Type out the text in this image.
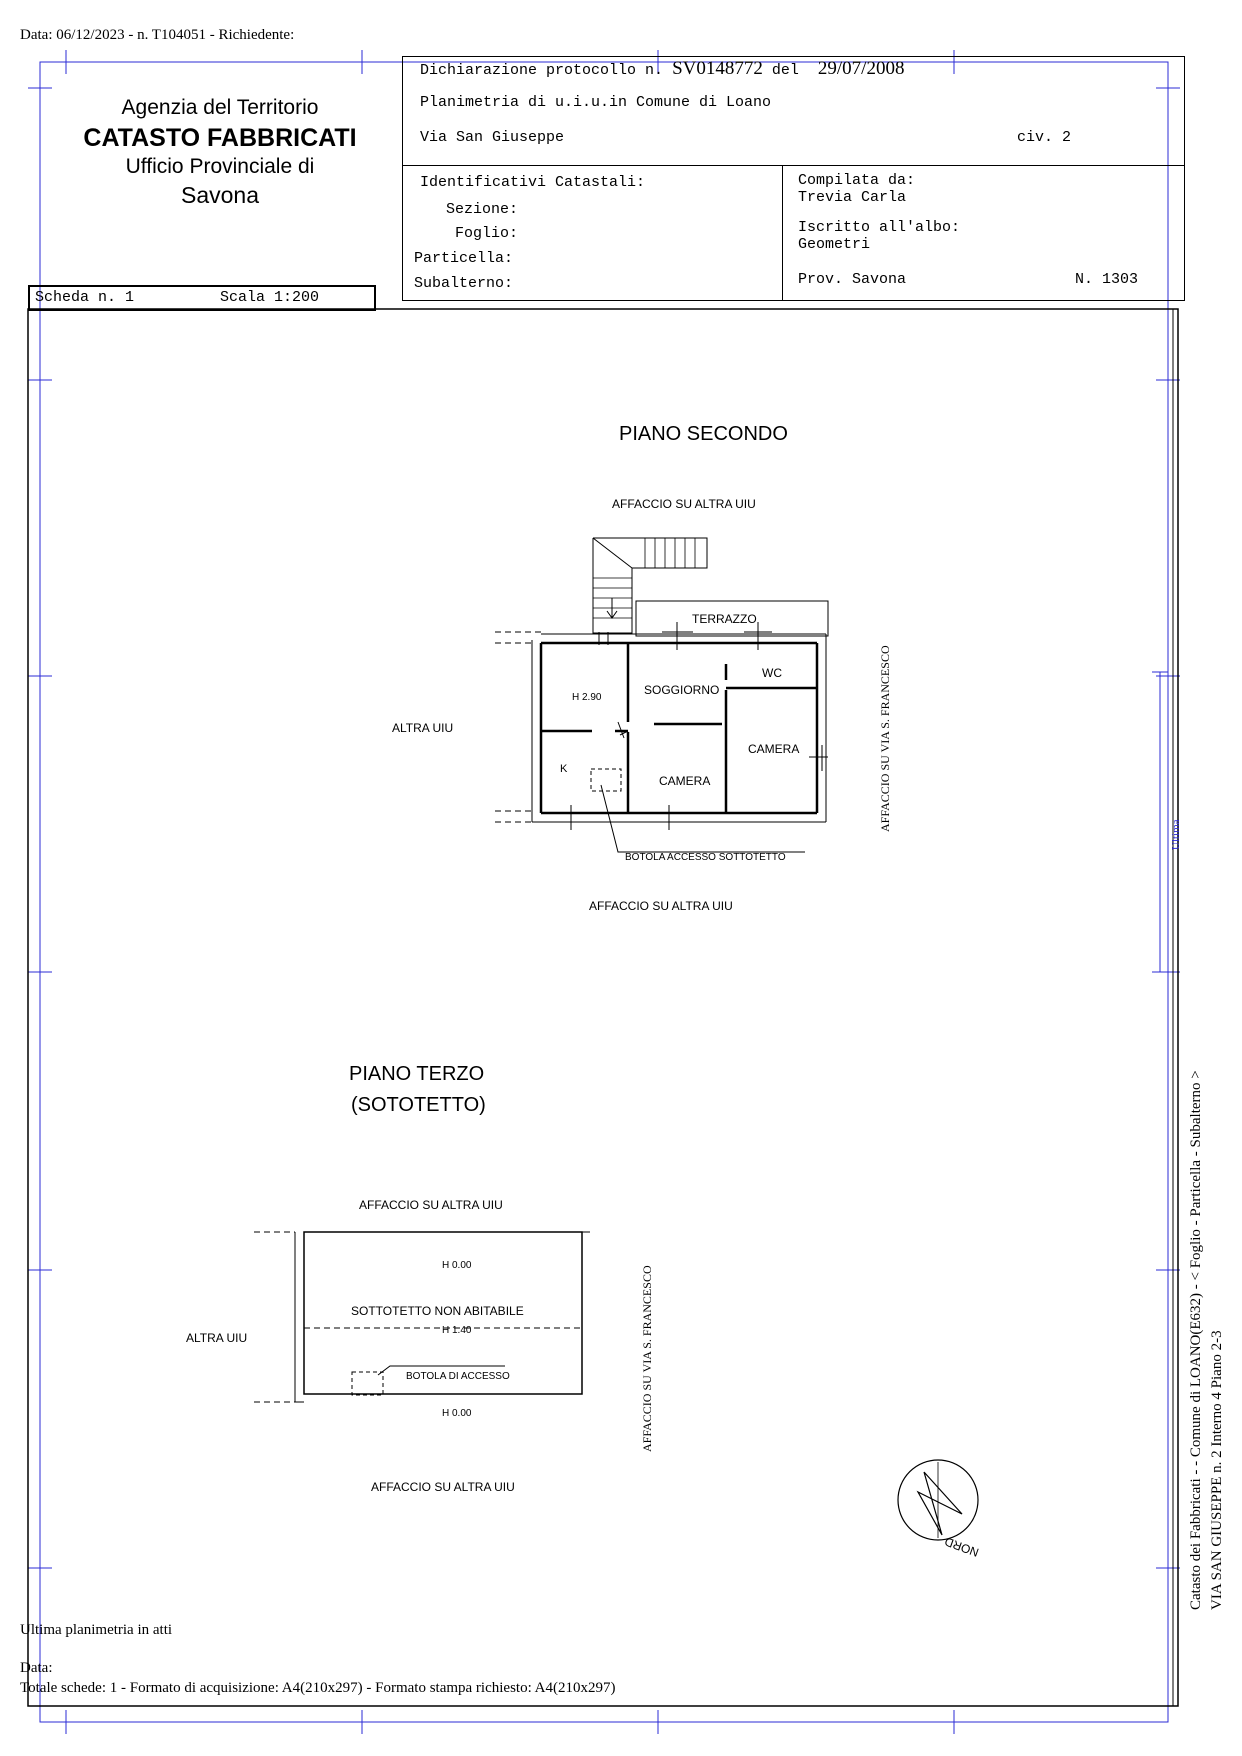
Data: 06/12/2023 - n. T104051 - Richiedente:
Agenzia del Territorio
CATASTO FABBRICATI
Ufficio Provinciale di
Savona
Dichiarazione protocollo n. SV0148772 del 29/07/2008
Planimetria di u.i.u.in Comune di Loano
Via San Giuseppe	civ. 2
Identificativi Catastali:
Sezione:
Foglio:
Particella:
Subalterno:
Compilata da:
Trevia Carla
Iscritto all'albo:
Geometri
Prov. Savona	N. 1303
Scheda n. 1	Scala 1:200
PIANO SECONDO
AFFACCIO SU ALTRA UIU
TERRAZZO
WC
SOGGIORNO
H 2.90
ALTRA UIU
CAMERA
K
CAMERA
BOTOLA ACCESSO SOTTOTETTO
AFFACCIO SU ALTRA UIU
AFFACCIO SU VIA S. FRANCESCO
PIANO TERZO
(SOTOTETTO)
AFFACCIO SU ALTRA UIU
H 0.00
SOTTOTETTO NON ABITABILE
ALTRA UIU
H 1.40
BOTOLA DI ACCESSO
H 0.00
AFFACCIO SU ALTRA UIU
AFFACCIO SU VIA S. FRANCESCO
NORD	Catasto dei Fabbricati - - Comune di LOANO(E632) - < Foglio - Particella - Subalterno > VIA SAN GIUSEPPE n. 2 Interno 4 Piano 2-3
Ultima
Ultima planimetria in atti
Data:
Totale schede: 1 - Formato di acquisizione: A4(210x297) - Formato stampa richiesto: A4(210x297)
